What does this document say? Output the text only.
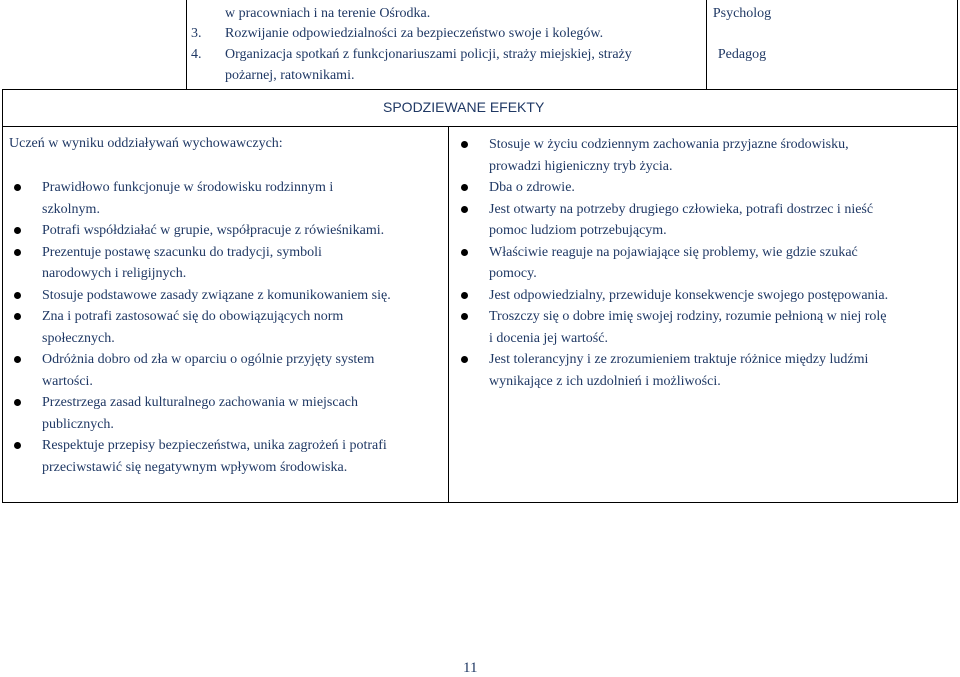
w pracowniach i na terenie Ośrodka.
3. Rozwijanie odpowiedzialności za bezpieczeństwo swoje i kolegów.
4. Organizacja spotkań z funkcjonariuszami policji, straży miejskiej, straży
pożarnej, ratownikami.
Psycholog
Pedagog
SPODZIEWANE EFEKTY
Uczeń w wyniku oddziaływań wychowawczych:
Prawidłowo funkcjonuje w środowisku rodzinnym i
szkolnym.
Potrafi współdziałać w grupie, współpracuje z rówieśnikami.
Prezentuje postawę szacunku do tradycji, symboli
narodowych i religijnych.
Stosuje podstawowe zasady związane z komunikowaniem się.
Zna i potrafi zastosować się do obowiązujących norm
społecznych.
Odróżnia dobro od zła w oparciu o ogólnie przyjęty system
wartości.
Przestrzega zasad kulturalnego zachowania w miejscach
publicznych.
Respektuje przepisy bezpieczeństwa, unika zagrożeń i potrafi
przeciwstawić się negatywnym wpływom środowiska.
Stosuje w życiu codziennym zachowania przyjazne środowisku,
prowadzi higieniczny tryb życia.
Dba o zdrowie.
Jest otwarty na potrzeby drugiego człowieka, potrafi dostrzec i nieść
pomoc ludziom potrzebującym.
Właściwie reaguje na pojawiające się problemy, wie gdzie szukać
pomocy.
Jest odpowiedzialny, przewiduje konsekwencje swojego postępowania.
Troszczy się o dobre imię swojej rodziny, rozumie pełnioną w niej rolę
i docenia jej wartość.
Jest tolerancyjny i ze zrozumieniem traktuje różnice między ludźmi
wynikające z ich uzdolnień i możliwości.
11
